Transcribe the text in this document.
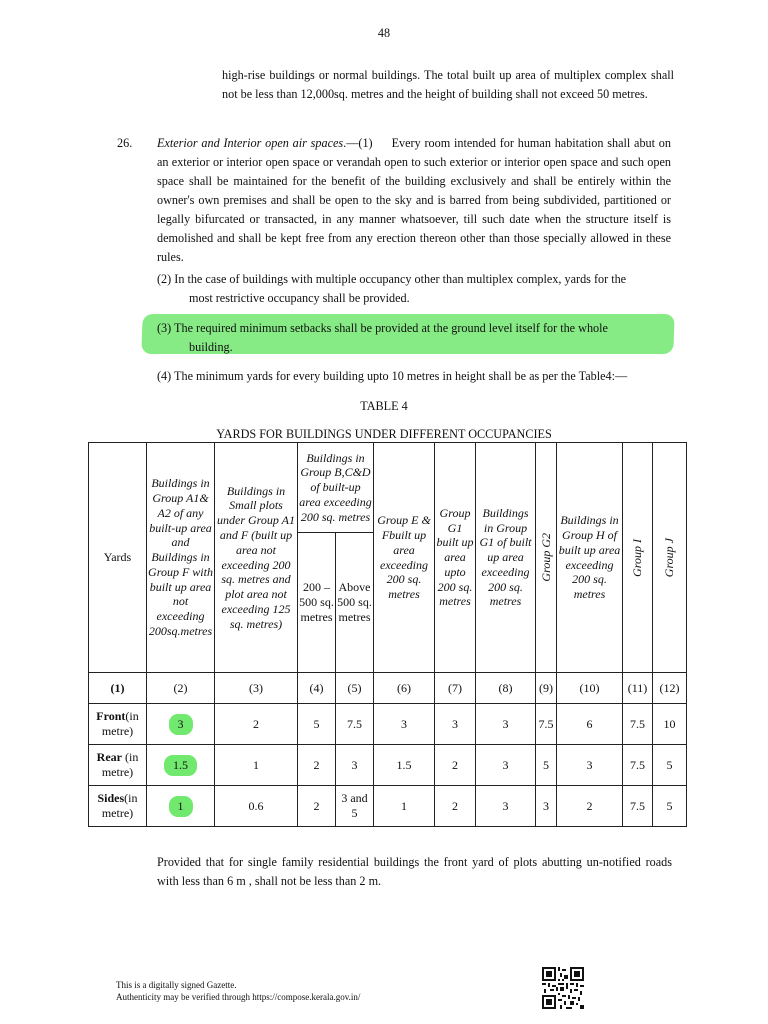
48
high-rise buildings or normal buildings. The total built up area of multiplex complex shall not be less than 12,000sq. metres and the height of building shall not exceed 50 metres.
26. Exterior and Interior open air spaces.—(1) Every room intended for human habitation shall abut on an exterior or interior open space or verandah open to such exterior or interior open space and such open space shall be maintained for the benefit of the building exclusively and shall be entirely within the owner's own premises and shall be open to the sky and is barred from being subdivided, partitioned or legally bifurcated or transacted, in any manner whatsoever, till such date when the structure itself is demolished and shall be kept free from any erection thereon other than those specially allowed in these rules.
(2) In the case of buildings with multiple occupancy other than multiplex complex, yards for the
most restrictive occupancy shall be provided.
(3) The required minimum setbacks shall be provided at the ground level itself for the whole
building.
(4) The minimum yards for every building upto 10 metres in height shall be as per the Table4:—
TABLE 4
YARDS FOR BUILDINGS UNDER DIFFERENT OCCUPANCIES
Yards	Buildings in Group A1& A2 of any built-up area and Buildings in Group F with built up area not exceeding 200sq.metres	Buildings in Small plots under Group A1 and F (built up area not exceeding 200 sq. metres and plot area not exceeding 125 sq. metres)	Buildings in Group B,C&D of built-up area exceeding 200 sq. metres		Group E & Fbuilt up area exceeding 200 sq. metres	Group G1 built up area upto 200 sq. metres	Buildings in Group G1 of built up area exceeding 200 sq. metres	Group G2	Buildings in Group H of built up area exceeding 200 sq. metres	Group I	Group J

			200 – 500 sq. metres	Above 500 sq. metres							
(1)	(2)	(3)	(4)	(5)	(6)	(7)	(8)	(9)	(10)	(11)	(12)
Front(in metre)	3	2	5	7.5	3	3	3	7.5	6	7.5	10
Rear (in metre)	1.5	1	2	3	1.5	2	3	5	3	7.5	5
Sides(in metre)	1	0.6	2	3 and 5	1	2	3	3	2	7.5	5
Provided that for single family residential buildings the front yard of plots abutting un-notified roads with less than 6 m , shall not be less than 2 m.
This is a digitally signed Gazette.
Authenticity may be verified through https://compose.kerala.gov.in/
